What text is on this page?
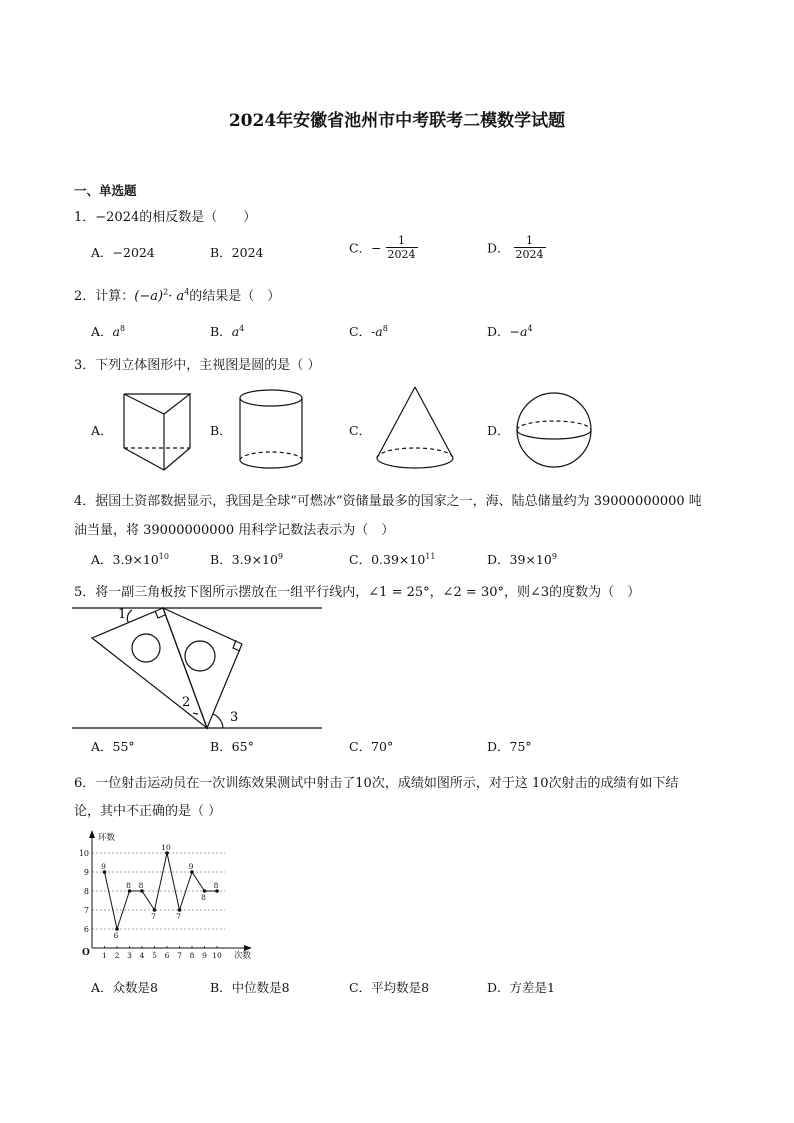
2024年安徽省池州市中考联考二模数学试题
一、单选题
1．−2024的相反数是（　　）
A．−2024	B．2024	C．− $\frac{1}{2024}$	D． $\frac{1}{2024}$
2．计算：$(-a)^2\cdot a^4$的结果是（　）
A．$a^8$	B．$a^4$	C．$-a^8$	D．$-a^4$
3．下列立体图形中，主视图是圆的是（ ）
A．	B．	C．	D．
4．据国土资部数据显示，我国是全球“可燃冰”资储量最多的国家之一，海、陆总储量约为 39000000000 吨
油当量，将 39000000000 用科学记数法表示为（　）
A．$3.9\times 10^{10}$	B．$3.9\times 10^9$	C．$0.39\times 10^{11}$	D．$39\times 10^9$
5．将一副三角板按下图所示摆放在一组平行线内，∠1 = 25°，∠2 = 30°，则∠3的度数为（　）
1
2
3
A．55°	B．65°	C．70°	D．75°
6．一位射击运动员在一次训练效果测试中射击了10次，成绩如图所示，对于这 10次射击的成绩有如下结
论，其中不正确的是（ ）
6
7
8
9
10
环数
次数
O 1 2 3 4 5 6 7 8 9 10
9
6
8 8
7
10
7
9
8
8
A．众数是8	B．中位数是8	C．平均数是8	D．方差是1
